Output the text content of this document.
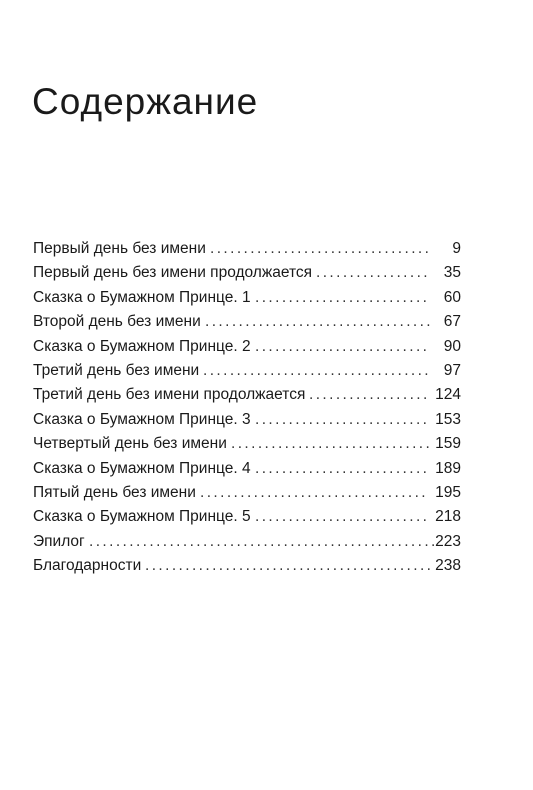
Содержание
.................................
Первый день без имени	9
.................
Первый день без имени продолжается	35
..........................
Сказка о Бумажном Принце. 1	60
..................................
Второй день без имени	67
..........................
Сказка о Бумажном Принце. 2	90
..................................
Третий день без имени	97
..................
Третий день без имени продолжается	124
..........................
Сказка о Бумажном Принце. 3	153
..............................
Четвертый день без имени	159
..........................
Сказка о Бумажном Принце. 4	189
..................................
Пятый день без имени	195
..........................
Сказка о Бумажном Принце. 5	218
....................................................
Эпилог	223
...........................................
Благодарности	238
